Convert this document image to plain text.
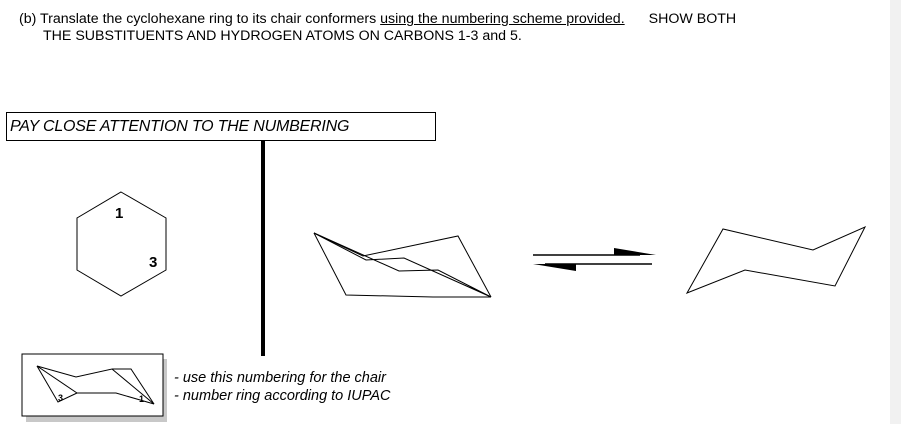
(b) Translate the cyclohexane ring to its chair conformers using the numbering scheme provided. SHOW BOTH
THE SUBSTITUENTS AND HYDROGEN ATOMS ON CARBONS 1-3 and 5.
PAY CLOSE ATTENTION TO THE NUMBERING
1
3
3	1
- use this numbering for the chair
- number ring according to IUPAC
